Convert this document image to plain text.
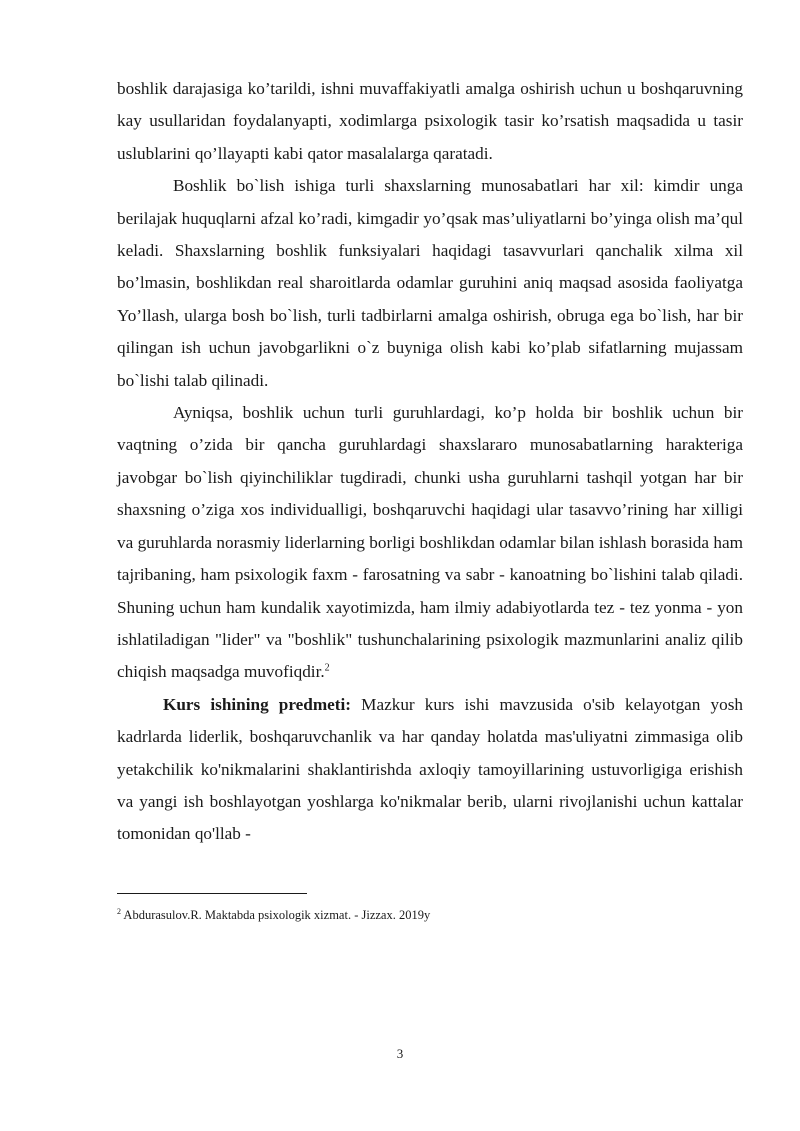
boshlik darajasiga ko’tarildi, ishni muvaffakiyatli amalga oshirish uchun u boshqaruvning kay usullaridan foydalanyapti, xodimlarga psixologik tasir ko’rsatish maqsadida u tasir uslublarini qo’llayapti kabi qator masalalarga qaratadi.

Boshlik bo`lish ishiga turli shaxslarning munosabatlari har xil: kimdir unga berilajak huquqlarni afzal ko’radi, kimgadir yo’qsak mas’uliyatlarni bo’yinga olish ma’qul keladi. Shaxslarning boshlik funksiyalari haqidagi tasavvurlari qanchalik xilma xil bo’lmasin, boshlikdan real sharoitlarda odamlar guruhini aniq maqsad asosida faoliyatga Yo’llash, ularga bosh bo`lish, turli tadbirlarni amalga oshirish, obruga ega bo`lish, har bir qilingan ish uchun javobgarlikni o`z buyniga olish kabi ko’plab sifatlarning mujassam bo`lishi talab qilinadi.

Ayniqsa, boshlik uchun turli guruhlardagi, ko’p holda bir boshlik uchun bir vaqtning o’zida bir qancha guruhlardagi shaxslararo munosabatlarning harakteriga javobgar bo`lish qiyinchiliklar tugdiradi, chunki usha guruhlarni tashqil yotgan har bir shaxsning o’ziga xos individualligi, boshqaruvchi haqidagi ular tasavvo’rining har xilligi va guruhlarda norasmiy liderlarning borligi boshlikdan odamlar bilan ishlash borasida ham tajribaning, ham psixologik faxm - farosatning va sabr - kanoatning bo`lishini talab qiladi. Shuning uchun ham kundalik xayotimizda, ham ilmiy adabiyotlarda tez - tez yonma - yon ishlatiladigan "lider" va "boshlik" tushunchalarining psixologik mazmunlarini analiz qilib chiqish maqsadga muvofiqdir.$^2$

Kurs ishining predmeti: Mazkur kurs ishi mavzusida o'sib kelayotgan yosh kadrlarda liderlik, boshqaruvchanlik va har qanday holatda mas'uliyatni zimmasiga olib yetakchilik ko'nikmalarini shaklantirishda axloqiy tamoyillarining ustuvorligiga erishish va yangi ish boshlayotgan yoshlarga ko'nikmalar berib, ularni rivojlanishi uchun kattalar tomonidan qo'llab -

$^2$ Abdurasulov.R. Maktabda psixologik xizmat. - Jizzax. 2019y
3
